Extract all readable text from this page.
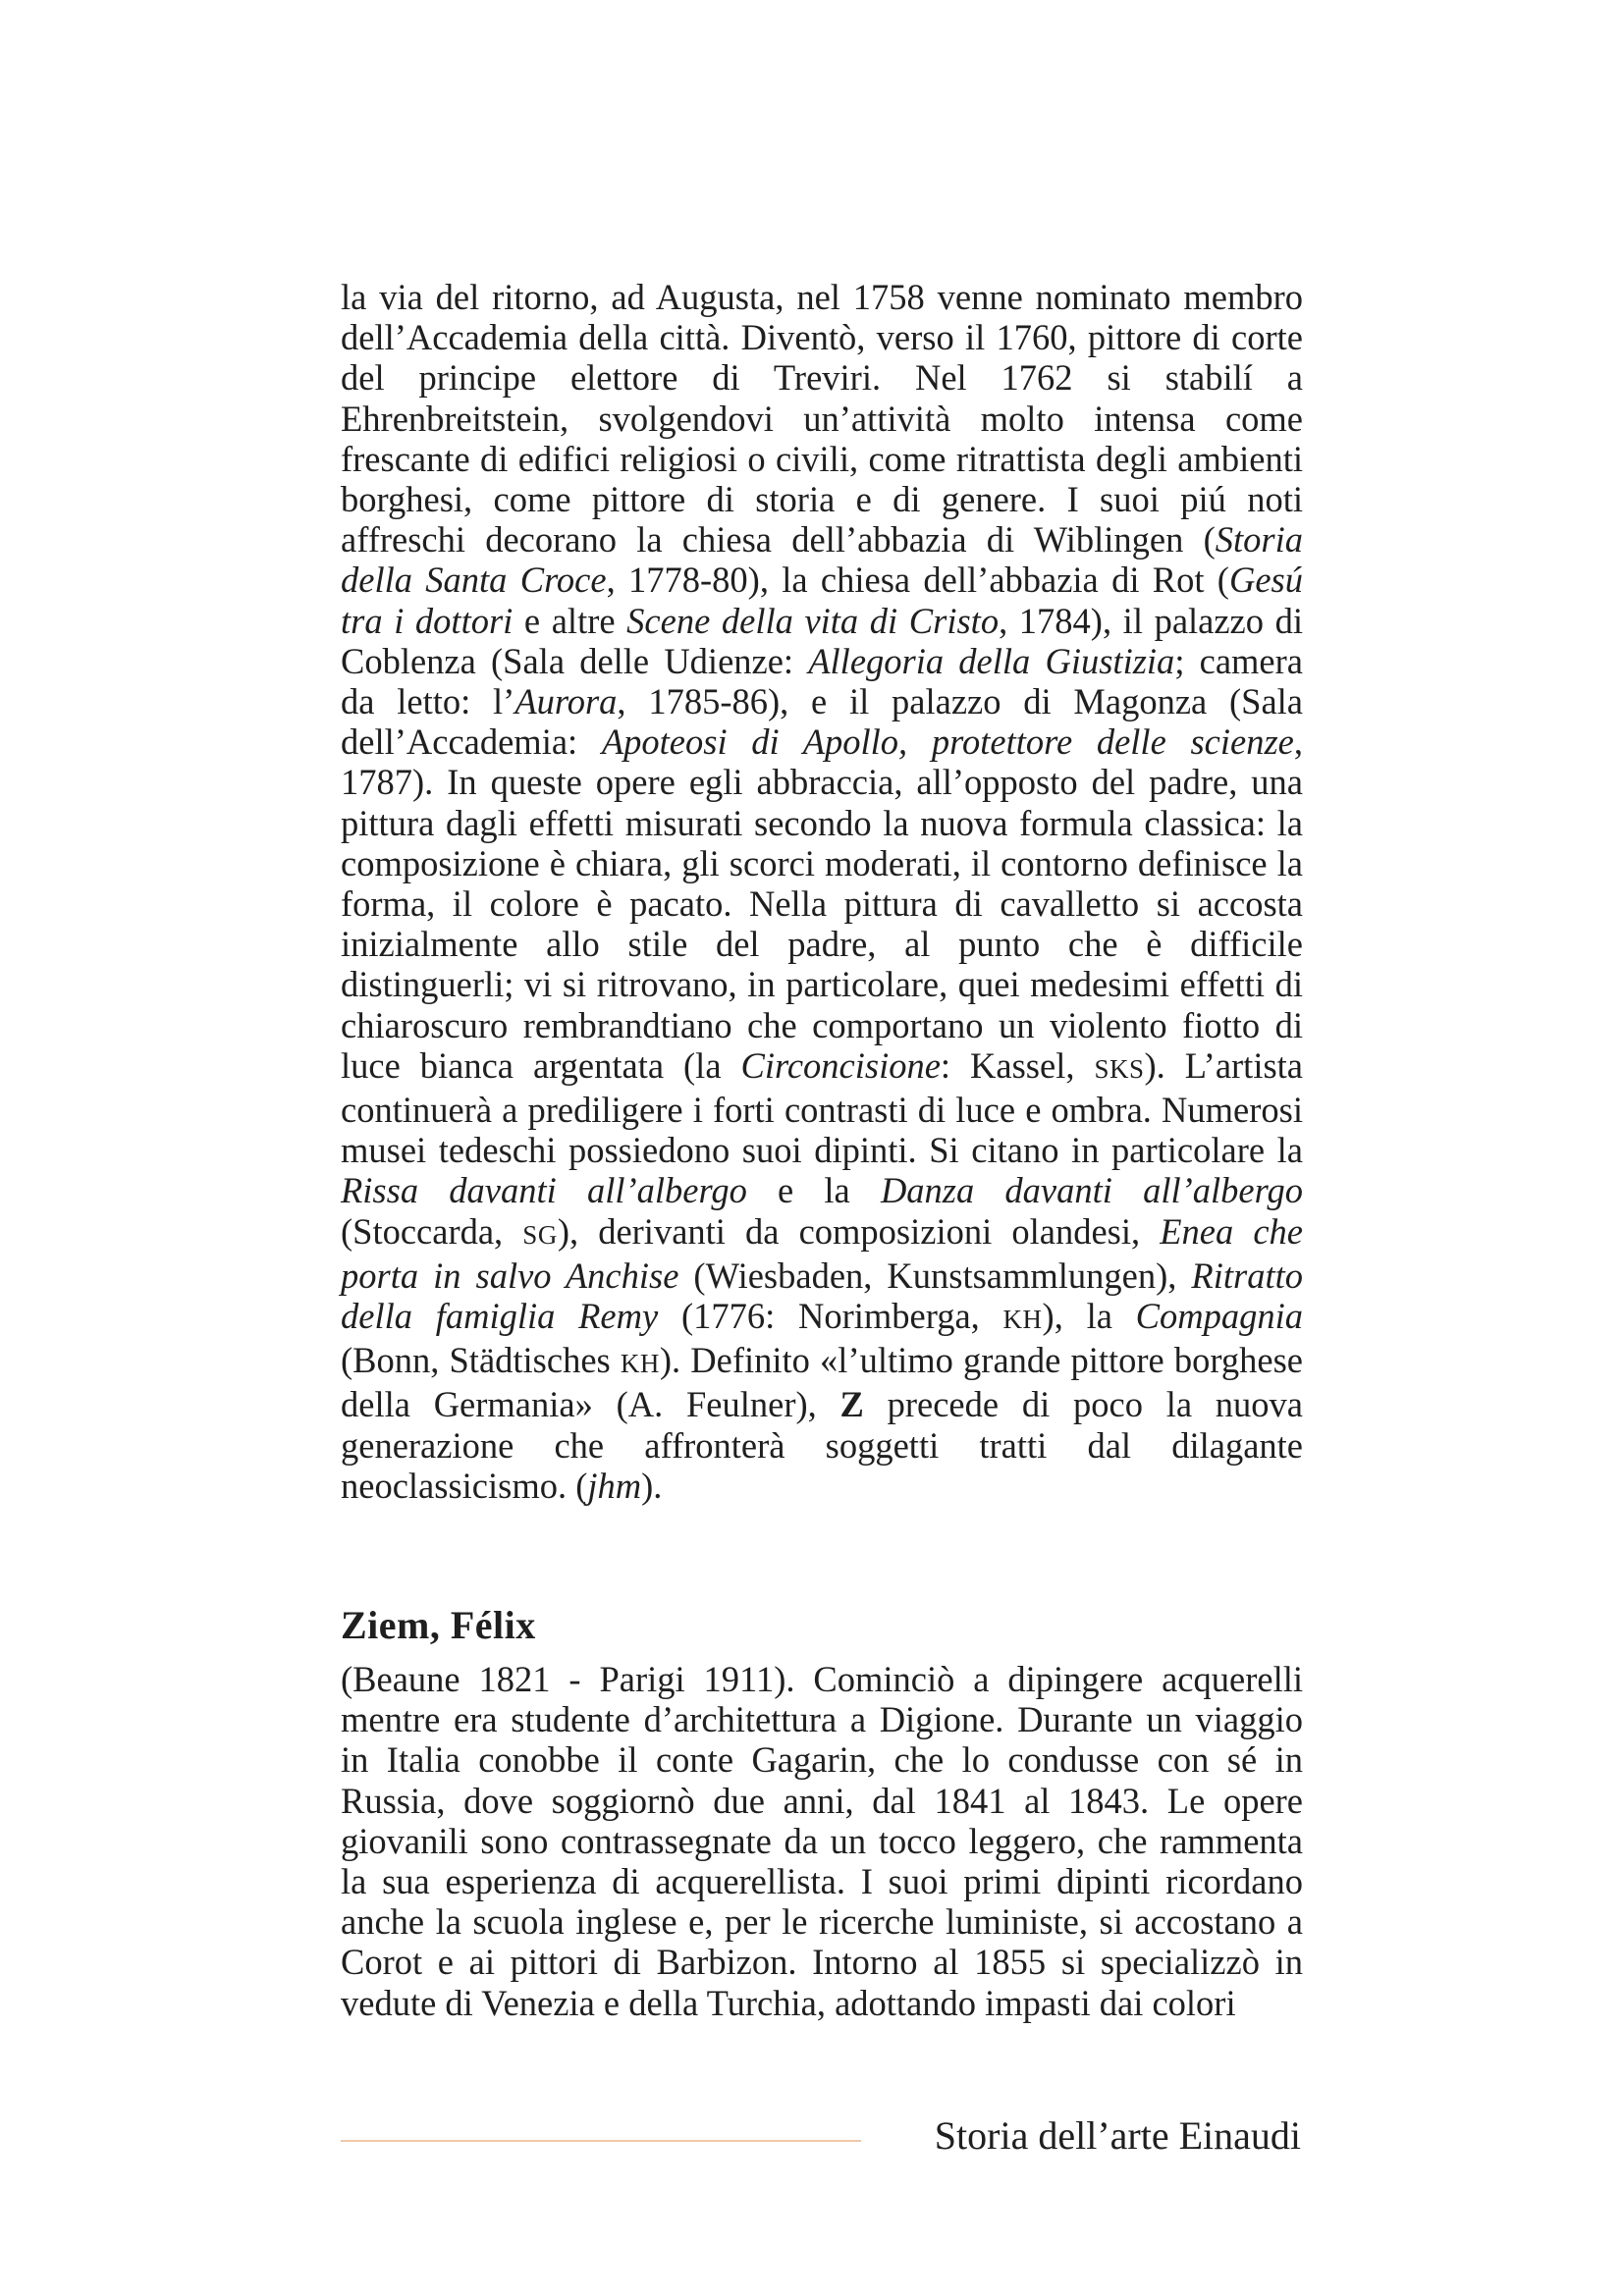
la via del ritorno, ad Augusta, nel 1758 venne nominato membro dell’Accademia della città. Diventò, verso il 1760, pittore di corte del principe elettore di Treviri. Nel 1762 si stabilí a Ehrenbreitstein, svolgendovi un’attività molto intensa come frescante di edifici religiosi o civili, come ritrattista degli ambienti borghesi, come pittore di storia e di genere. I suoi piú noti affreschi decorano la chiesa dell’abbazia di Wiblingen (Storia della Santa Croce, 1778-80), la chiesa dell’abbazia di Rot (Gesú tra i dottori e altre Scene della vita di Cristo, 1784), il palazzo di Coblenza (Sala delle Udienze: Allegoria della Giustizia; camera da letto: l’Aurora, 1785-86), e il palazzo di Magonza (Sala dell’Accademia: Apoteosi di Apollo, protettore delle scienze, 1787). In queste opere egli abbraccia, all’opposto del padre, una pittura dagli effetti misurati secondo la nuova formula classica: la composizione è chiara, gli scorci moderati, il contorno definisce la forma, il colore è pacato. Nella pittura di cavalletto si accosta inizialmente allo stile del padre, al punto che è difficile distinguerli; vi si ritrovano, in particolare, quei medesimi effetti di chiaroscuro rembrandtiano che comportano un violento fiotto di luce bianca argentata (la Circoncisione: Kassel, SKS). L’artista continuerà a prediligere i forti contrasti di luce e ombra. Numerosi musei tedeschi possiedono suoi dipinti. Si citano in particolare la Rissa davanti all’albergo e la Danza davanti all’albergo (Stoccarda, SG), derivanti da composizioni olandesi, Enea che porta in salvo Anchise (Wiesbaden, Kunstsammlungen), Ritratto della famiglia Remy (1776: Norimberga, KH), la Compagnia (Bonn, Städtisches KH). Definito «l’ultimo grande pittore borghese della Germania» (A. Feulner), Z precede di poco la nuova generazione che affronterà soggetti tratti dal dilagante neoclassicismo. (jhm).

Ziem, Félix

(Beaune 1821 - Parigi 1911). Cominciò a dipingere acquerelli mentre era studente d’architettura a Digione. Durante un viaggio in Italia conobbe il conte Gagarin, che lo condusse con sé in Russia, dove soggiornò due anni, dal 1841 al 1843. Le opere giovanili sono contrassegnate da un tocco leggero, che rammenta la sua esperienza di acquerellista. I suoi primi dipinti ricordano anche la scuola inglese e, per le ricerche luministe, si accostano a Corot e ai pittori di Barbizon. Intorno al 1855 si specializzò in vedute di Venezia e della Turchia, adottando impasti dai colori

Storia dell’arte Einaudi
